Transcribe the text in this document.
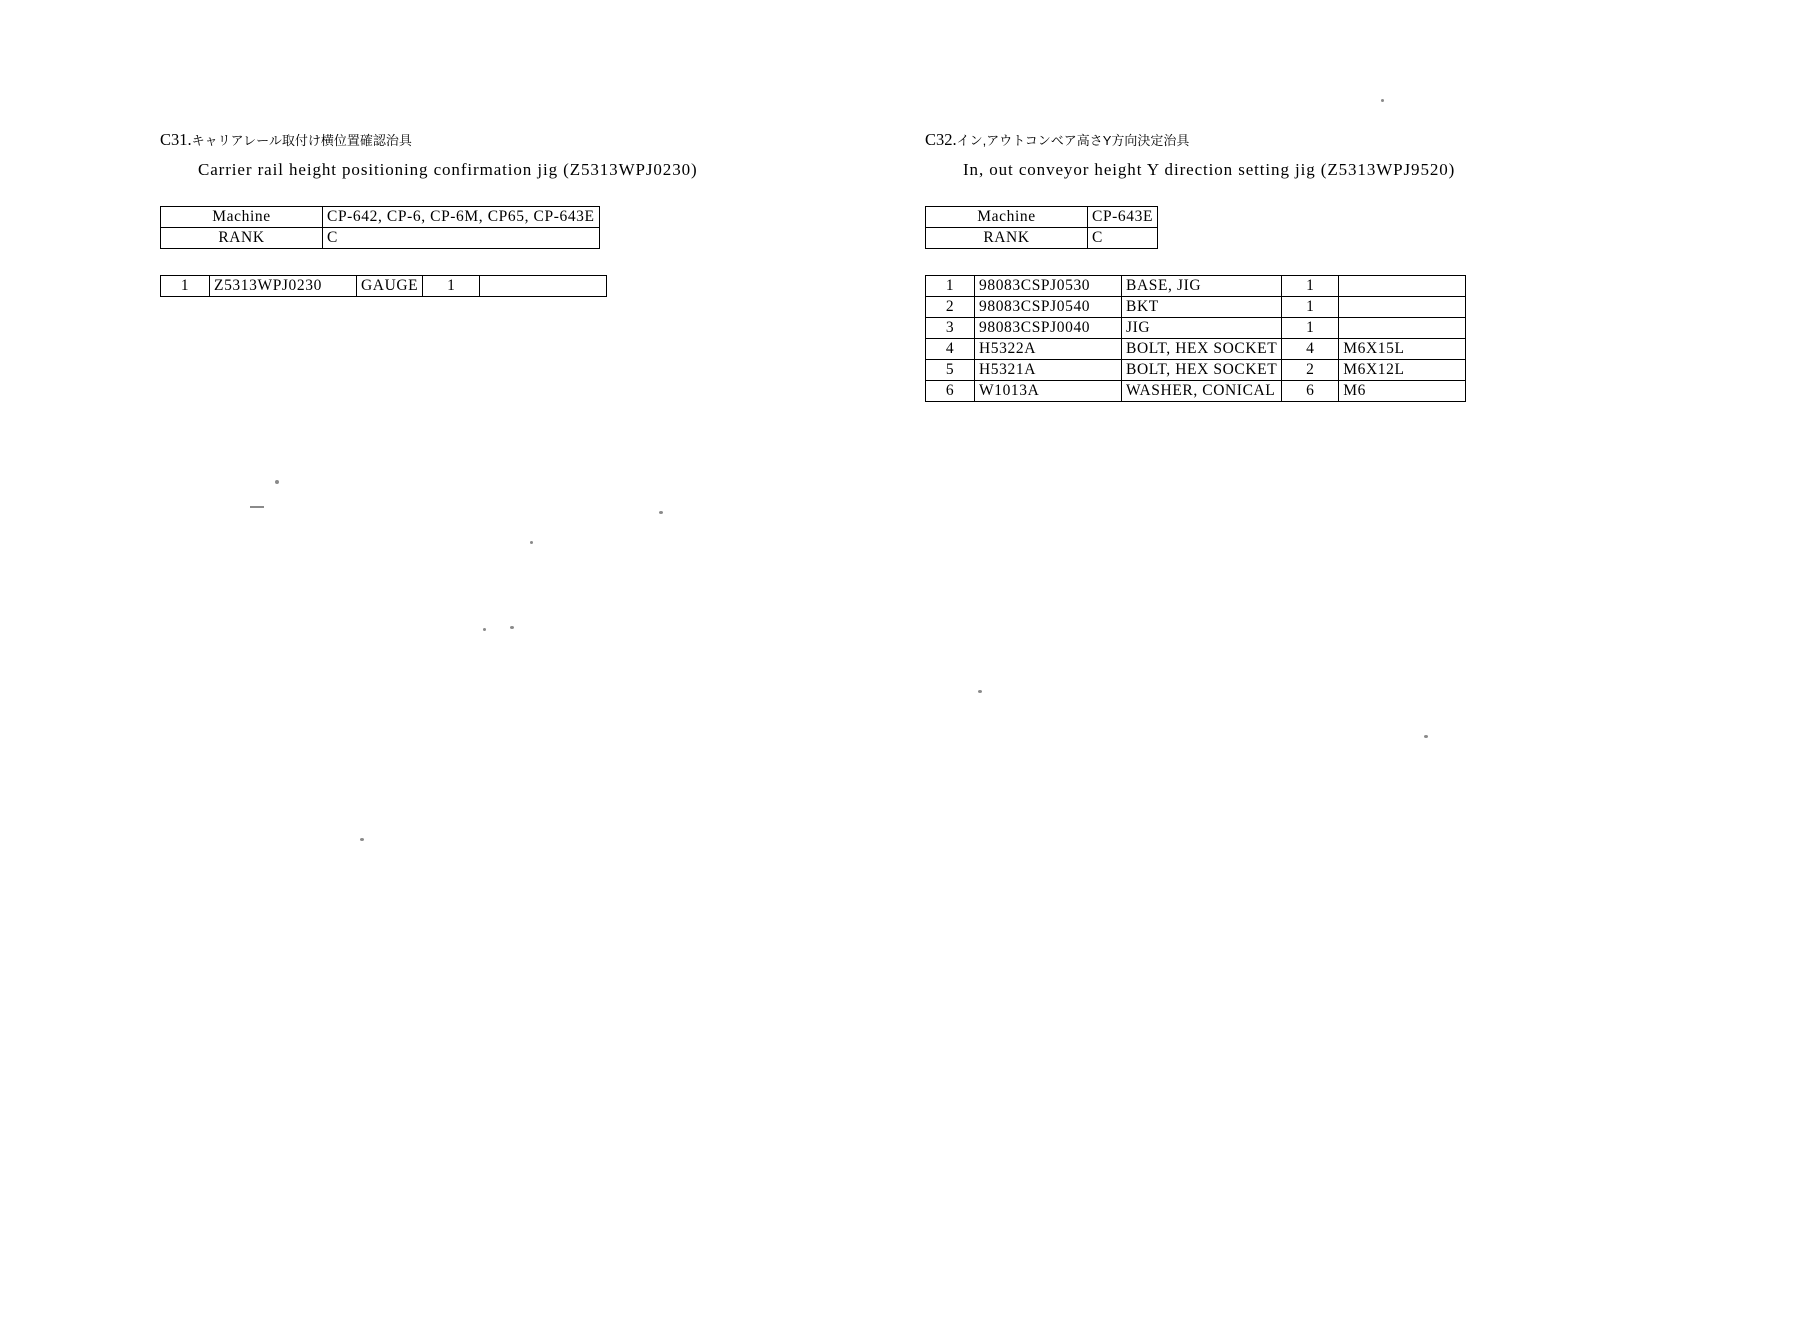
C31.キャリアレール取付け横位置確認治具
Carrier rail height positioning confirmation jig (Z5313WPJ0230)
Machine	CP-642, CP-6, CP-6M, CP65, CP-643E
RANK	C
1	Z5313WPJ0230	GAUGE	1	
C32.イン,アウトコンベア高さY方向決定治具
In, out conveyor height Y direction setting jig (Z5313WPJ9520)
Machine	CP-643E
RANK	C
1	98083CSPJ0530	BASE, JIG	1	
2	98083CSPJ0540	BKT	1	
3	98083CSPJ0040	JIG	1	
4	H5322A	BOLT, HEX SOCKET	4	M6X15L
5	H5321A	BOLT, HEX SOCKET	2	M6X12L
6	W1013A	WASHER, CONICAL	6	M6
